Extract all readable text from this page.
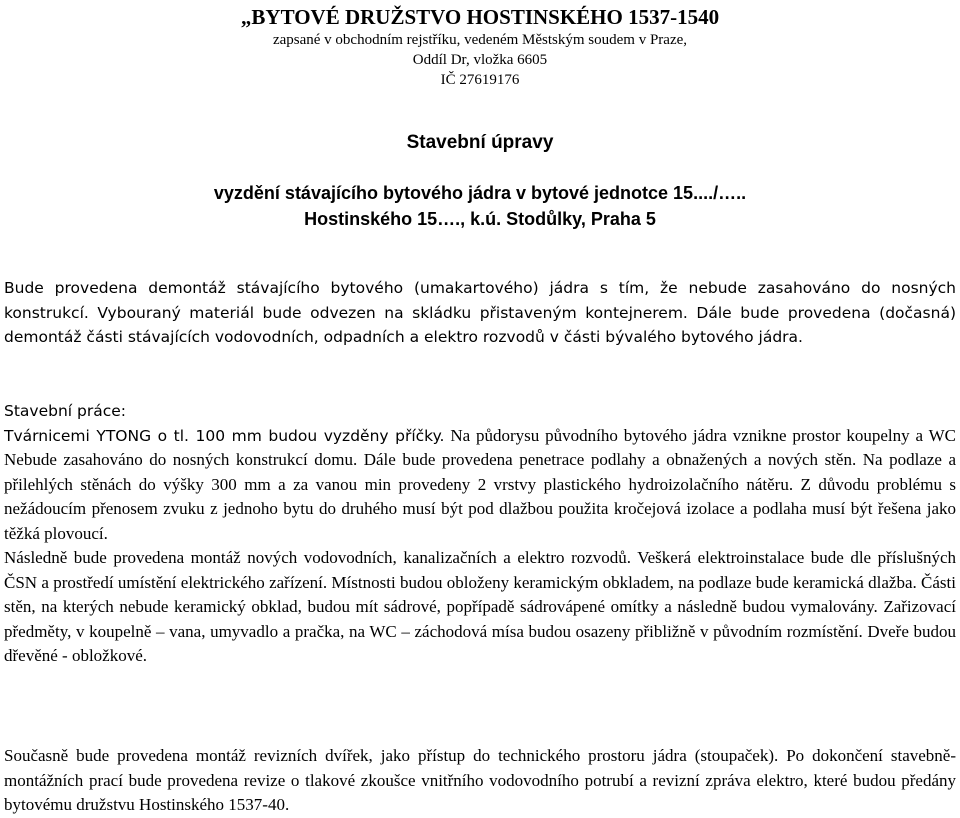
„BYTOVÉ DRUŽSTVO HOSTINSKÉHO 1537-1540

zapsané v obchodním rejstříku, vedeném Městským soudem v Praze,

Oddíl Dr, vložka 6605

IČ 27619176

Stavební úpravy
vyzdění stávajícího bytového jádra v bytové jednotce 15..../…..
Hostinského 15…., k.ú. Stodůlky, Praha 5

Bude provedena demontáž stávajícího bytového (umakartového) jádra s tím, že nebude zasahováno do nosných konstrukcí. Vybouraný materiál bude odvezen na skládku přistaveným kontejnerem. Dále bude provedena (dočasná) demontáž části stávajících vodovodních, odpadních a elektro rozvodů v části bývalého bytového jádra.

Stavební práce:

Tvárnicemi YTONG o tl. 100 mm budou vyzděny příčky. Na půdorysu původního bytového jádra vznikne prostor koupelny a WC Nebude zasahováno do nosných konstrukcí domu. Dále bude provedena penetrace podlahy a obnažených a nových stěn. Na podlaze a přilehlých stěnách do výšky 300 mm a za vanou min provedeny 2 vrstvy plastického hydroizolačního nátěru. Z důvodu problému s nežádoucím přenosem zvuku z jednoho bytu do druhého musí být pod dlažbou použita kročejová izolace a podlaha musí být řešena jako těžká plovoucí.

Následně bude provedena montáž nových vodovodních, kanalizačních a elektro rozvodů. Veškerá elektroinstalace bude dle příslušných ČSN a prostředí umístění elektrického zařízení. Místnosti budou obloženy keramickým obkladem, na podlaze bude keramická dlažba. Části stěn, na kterých nebude keramický obklad, budou mít sádrové, popřípadě sádrovápené omítky a následně budou vymalovány. Zařizovací předměty, v koupelně – vana, umyvadlo a pračka, na WC – záchodová mísa budou osazeny přibližně v původním rozmístění. Dveře budou dřevěné - obložkové.

Současně bude provedena montáž revizních dvířek, jako přístup do technického prostoru jádra (stoupaček). Po dokončení stavebně-montážních prací bude provedena revize o tlakové zkoušce vnitřního vodovodního potrubí a revizní zpráva elektro, které budou předány bytovému družstvu Hostinského 1537-40.
